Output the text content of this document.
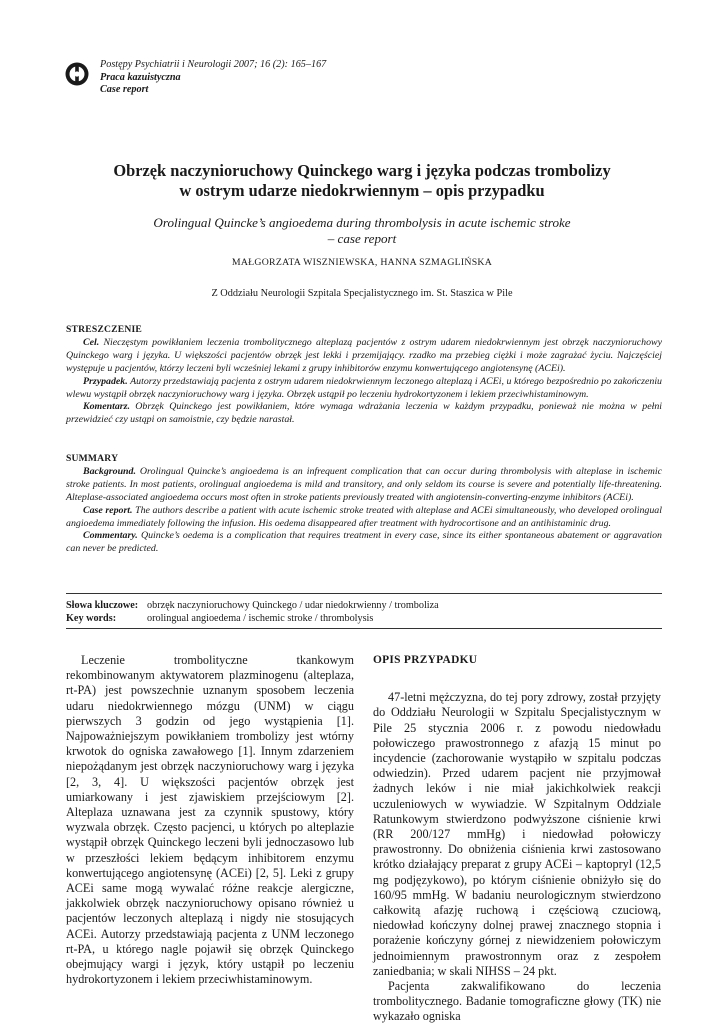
Postępy Psychiatrii i Neurologii 2007; 16 (2): 165–167
Praca kazuistyczna
Case report
Obrzęk naczynioruchowy Quinckego warg i języka podczas trombolizy
w ostrym udarze niedokrwiennym – opis przypadku
Orolingual Quincke’s angioedema during thrombolysis in acute ischemic stroke
– case report
MAŁGORZATA WISZNIEWSKA, HANNA SZMAGLIŃSKA
Z Oddziału Neurologii Szpitala Specjalistycznego im. St. Staszica w Pile
STRESZCZENIE

Cel. Nieczęstym powikłaniem leczenia trombolitycznego alteplazą pacjentów z ostrym udarem niedokrwiennym jest obrzęk naczynioruchowy Quinckego warg i języka. U większości pacjentów obrzęk jest lekki i przemijający. rzadko ma przebieg ciężki i może zagrażać życiu. Najczęściej występuje u pacjentów, którzy leczeni byli wcześniej lekami z grupy inhibitorów enzymu konwertującego angiotensynę (ACEi).

Przypadek. Autorzy przedstawiają pacjenta z ostrym udarem niedokrwiennym leczonego alteplazą i ACEi, u którego bezpośrednio po zakończeniu wlewu wystąpił obrzęk naczynioruchowy warg i języka. Obrzęk ustąpił po leczeniu hydrokortyzonem i lekiem przeciwhistaminowym.

Komentarz. Obrzęk Quinckego jest powikłaniem, które wymaga wdrażania leczenia w każdym przypadku, ponieważ nie można w pełni przewidzieć czy ustąpi on samoistnie, czy będzie narastał.

SUMMARY

Background. Orolingual Quincke’s angioedema is an infrequent complication that can occur during thrombolysis with alteplase in ischemic stroke patients. In most patients, orolingual angioedema is mild and transitory, and only seldom its course is severe and potentially life-threatening. Alteplase-associated angioedema occurs most often in stroke patients previously treated with angiotensin-converting-enzyme inhibitors (ACEi).

Case report. The authors describe a patient with acute ischemic stroke treated with alteplase and ACEi simultaneously, who developed orolingual angioedema immediately following the infusion. His oedema disappeared after treatment with hydrocortisone and an antihistaminic drug.

Commentary. Quincke’s oedema is a complication that requires treatment in every case, since its either spontaneous abatement or aggravation can never be predicted.

Słowa kluczowe: obrzęk naczynioruchowy Quinckego / udar niedokrwienny / tromboliza
Key words:	orolingual angioedema / ischemic stroke / thrombolysis

Leczenie trombolityczne tkankowym rekombinowanym aktywatorem plazminogenu (alteplaza, rt-PA) jest powszechnie uznanym sposobem leczenia udaru niedokrwiennego mózgu (UNM) w ciągu pierwszych 3 godzin od jego wystąpienia [1]. Najpoważniejszym powikłaniem trombolizy jest wtórny krwotok do ogniska zawałowego [1]. Innym zdarzeniem niepożądanym jest obrzęk naczynioruchowy warg i języka [2, 3, 4]. U większości pacjentów obrzęk jest umiarkowany i jest zjawiskiem przejściowym [2]. Alteplaza uznawana jest za czynnik spustowy, który wyzwala obrzęk. Często pacjenci, u których po alteplazie wystąpił obrzęk Quinckego leczeni byli jednoczasowo lub w przeszłości lekiem będącym inhibitorem enzymu konwertującego angiotensynę (ACEi) [2, 5]. Leki z grupy ACEi same mogą wywalać różne reakcje alergiczne, jakkolwiek obrzęk naczynioruchowy opisano również u pacjentów leczonych alteplazą i nigdy nie stosujących ACEi. Autorzy przedstawiają pacjenta z UNM leczonego rt-PA, u którego nagle pojawił się obrzęk Quinckego obejmujący wargi i język, który ustąpił po leczeniu hydrokortyzonem i lekiem przeciwhistaminowym.

OPIS PRZYPADKU

47-letni mężczyzna, do tej pory zdrowy, został przyjęty do Oddziału Neurologii w Szpitalu Specjalistycznym w Pile 25 stycznia 2006 r. z powodu niedowładu połowiczego prawostronnego z afazją 15 minut po incydencie (zachorowanie wystąpiło w szpitalu podczas odwiedzin). Przed udarem pacjent nie przyjmował żadnych leków i nie miał jakichkolwiek reakcji uczuleniowych w wywiadzie. W Szpitalnym Oddziale Ratunkowym stwierdzono podwyższone ciśnienie krwi (RR 200/127 mmHg) i niedowład połowiczy prawostronny. Do obniżenia ciśnienia krwi zastosowano krótko działający preparat z grupy ACEi – kaptopryl (12,5 mg podjęzykowo), po którym ciśnienie obniżyło się do 160/95 mmHg. W badaniu neurologicznym stwierdzono całkowitą afazję ruchową i częściową czuciową, niedowład kończyny dolnej prawej znacznego stopnia i porażenie kończyny górnej z niewidzeniem połowiczym jednoimiennym prawostronnym oraz z zespołem zaniedbania; w skali NIHSS – 24 pkt.

Pacjenta zakwalifikowano do leczenia trombolitycznego. Badanie tomograficzne głowy (TK) nie wykazało ogniska
